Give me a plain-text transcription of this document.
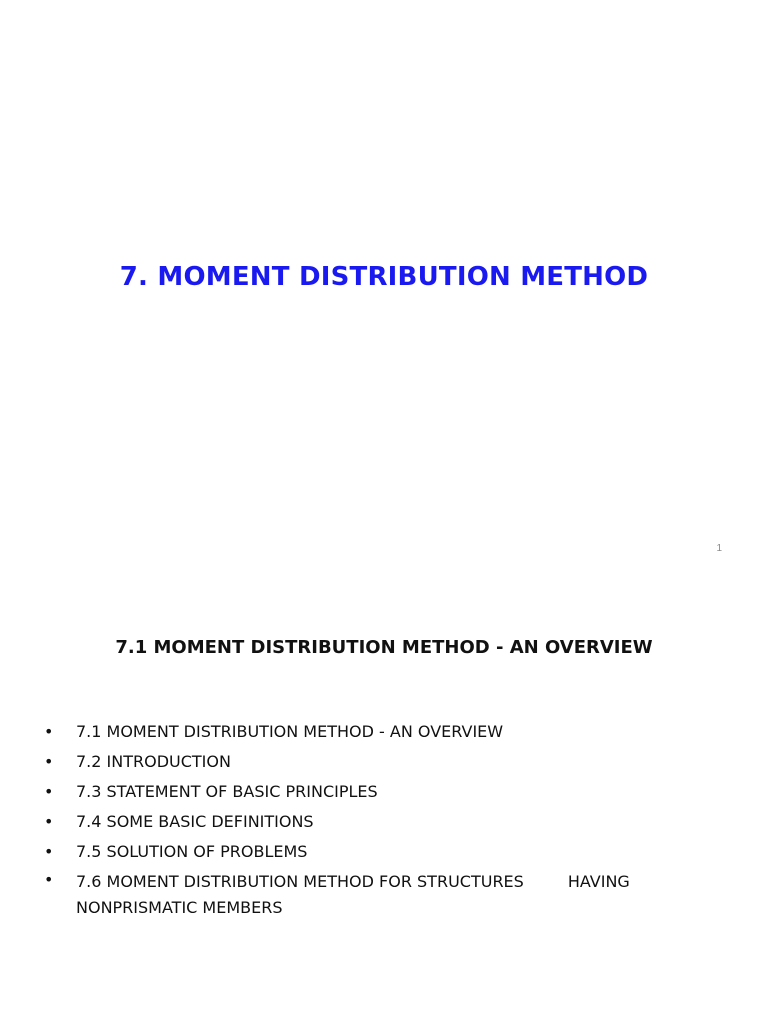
7. MOMENT DISTRIBUTION METHOD
1
7.1 MOMENT DISTRIBUTION METHOD - AN OVERVIEW
• 7.1 MOMENT DISTRIBUTION METHOD - AN OVERVIEW
• 7.2 INTRODUCTION
• 7.3 STATEMENT OF BASIC PRINCIPLES
• 7.4 SOME BASIC DEFINITIONS
• 7.5 SOLUTION OF PROBLEMS
• 7.6 MOMENT DISTRIBUTION METHOD FOR STRUCTURES	HAVING
NONPRISMATIC MEMBERS
